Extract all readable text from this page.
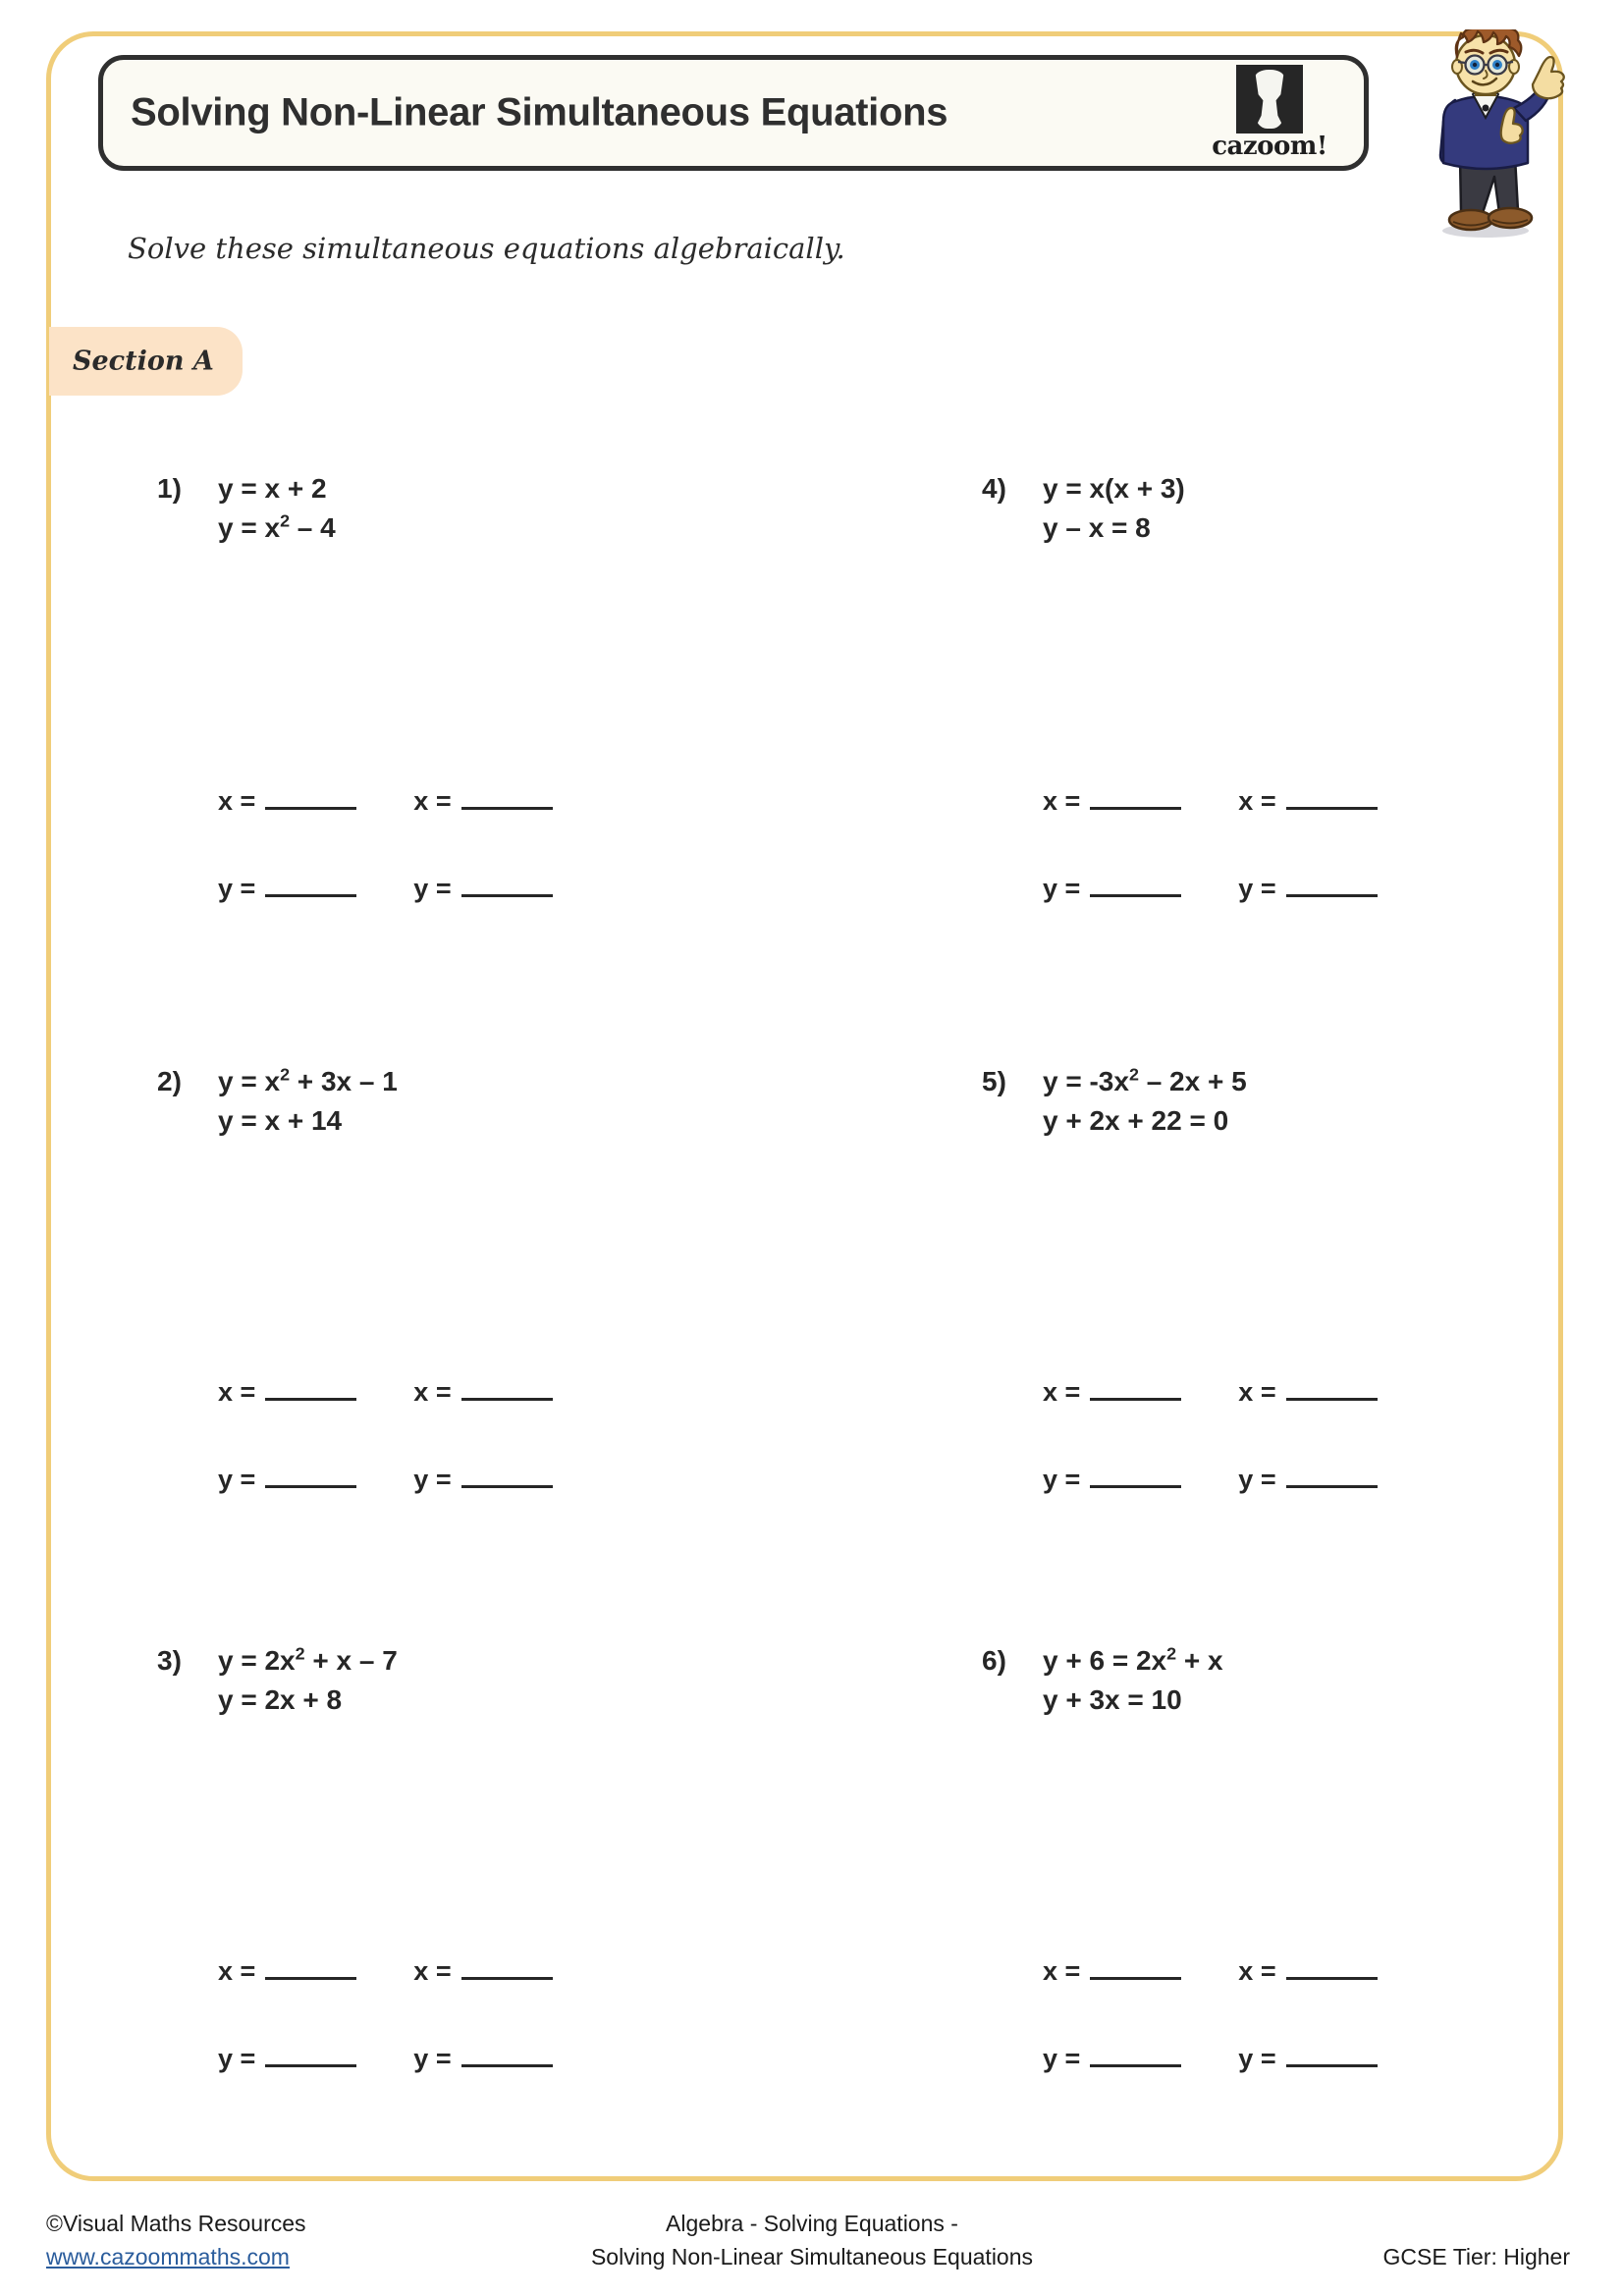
Solving Non-Linear Simultaneous Equations
cazoom!
Solve these simultaneous equations algebraically.
Section A
1)	y = x + 2
$y = x^2 - 4$
x =	x =
y =	y =
2)	$y = x^2 + 3x - 1$
y = x + 14
x =	x =
y =	y =
3)	$y = 2x^2 + x - 7$
y = 2x + 8
x =	x =
y =	y =
4)	y = x(x + 3)
y – x = 8
x =	x =
y =	y =
5)	$y = -3x^2 - 2x + 5$
y + 2x + 22 = 0
x =	x =
y =	y =
6)	$y + 6 = 2x^2 + x$
y + 3x = 10
x =	x =
y =	y =
©Visual Maths Resources
www.cazoommaths.com
Algebra - Solving Equations -
Solving Non-Linear Simultaneous Equations	GCSE Tier: Higher
